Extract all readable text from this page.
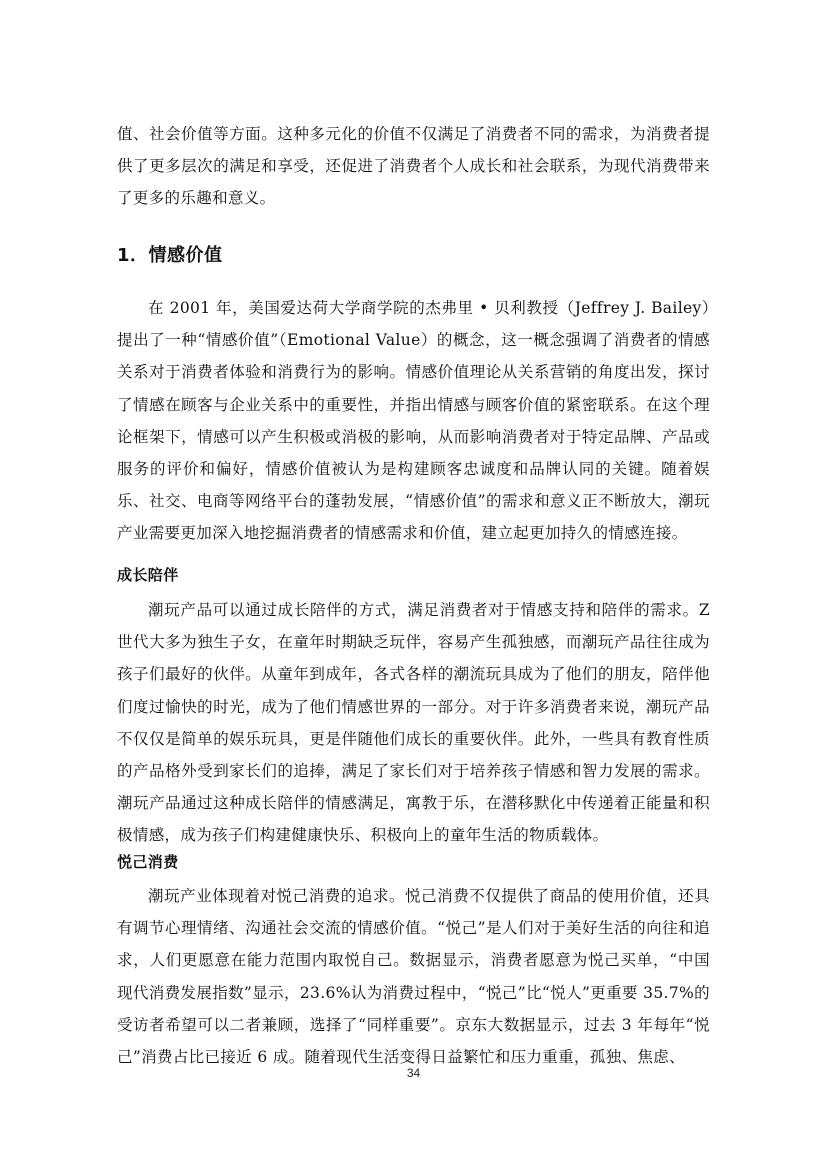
值、社会价值等方面。这种多元化的价值不仅满足了消费者不同的需求，为消费者提供了更多层次的满足和享受，还促进了消费者个人成长和社会联系，为现代消费带来了更多的乐趣和意义。

1．情感价值

在 2001 年，美国爱达荷大学商学院的杰弗里 • 贝利教授（Jeffrey J. Bailey）提出了一种“情感价值”（Emotional Value）的概念，这一概念强调了消费者的情感关系对于消费者体验和消费行为的影响。情感价值理论从关系营销的角度出发，探讨了情感在顾客与企业关系中的重要性，并指出情感与顾客价值的紧密联系。在这个理论框架下，情感可以产生积极或消极的影响，从而影响消费者对于特定品牌、产品或服务的评价和偏好，情感价值被认为是构建顾客忠诚度和品牌认同的关键。随着娱乐、社交、电商等网络平台的蓬勃发展，“情感价值”的需求和意义正不断放大，潮玩产业需要更加深入地挖掘消费者的情感需求和价值，建立起更加持久的情感连接。

成长陪伴

潮玩产品可以通过成长陪伴的方式，满足消费者对于情感支持和陪伴的需求。Z 世代大多为独生子女，在童年时期缺乏玩伴，容易产生孤独感，而潮玩产品往往成为孩子们最好的伙伴。从童年到成年，各式各样的潮流玩具成为了他们的朋友，陪伴他们度过愉快的时光，成为了他们情感世界的一部分。对于许多消费者来说，潮玩产品不仅仅是简单的娱乐玩具，更是伴随他们成长的重要伙伴。此外，一些具有教育性质的产品格外受到家长们的追捧，满足了家长们对于培养孩子情感和智力发展的需求。潮玩产品通过这种成长陪伴的情感满足，寓教于乐，在潜移默化中传递着正能量和积极情感，成为孩子们构建健康快乐、积极向上的童年生活的物质载体。

悦己消费

潮玩产业体现着对悦己消费的追求。悦己消费不仅提供了商品的使用价值，还具有调节心理情绪、沟通社会交流的情感价值。“悦己”是人们对于美好生活的向往和追求，人们更愿意在能力范围内取悦自己。数据显示，消费者愿意为悦己买单，“中国现代消费发展指数”显示，23.6%认为消费过程中，“悦己”比“悦人”更重要 35.7%的受访者希望可以二者兼顾，选择了“同样重要”。京东大数据显示，过去 3 年每年“悦己”消费占比已接近 6 成。随着现代生活变得日益繁忙和压力重重，孤独、焦虑、

34
